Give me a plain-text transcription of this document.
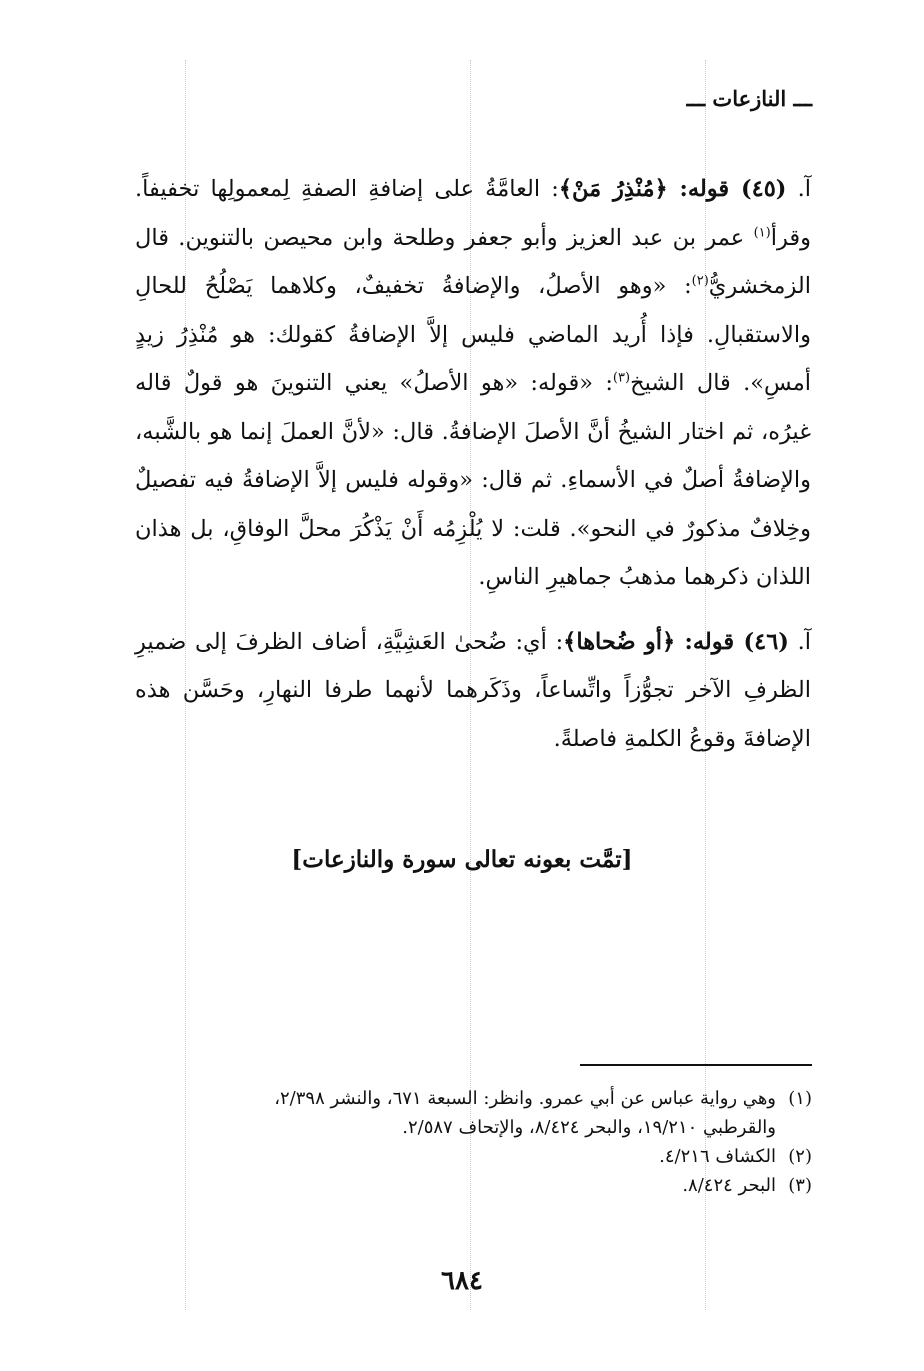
ـــ النازعات ـــ

آ. (٤٥) قوله: ﴿مُنْذِرُ مَنْ﴾: العامَّةُ على إضافةِ الصفةِ لِمعمولِها تخفيفاً. وقرأ$^{(١)}$ عمر بن عبد العزيز وأبو جعفر وطلحة وابن محيصن بالتنوين. قال الزمخشريُّ$^{(٢)}$: «وهو الأصلُ، والإضافةُ تخفيفٌ، وكلاهما يَصْلُحُ للحالِ والاستقبالِ. فإذا أُريد الماضي فليس إلاَّ الإضافةُ كقولك: هو مُنْذِرُ زيدٍ أمسِ». قال الشيخ$^{(٣)}$: «قوله: «هو الأصلُ» يعني التنوينَ هو قولٌ قاله غيرُه، ثم اختار الشيخُ أنَّ الأصلَ الإضافةُ. قال: «لأنَّ العملَ إنما هو بالشَّبه، والإضافةُ أصلٌ في الأسماءِ. ثم قال: «وقوله فليس إلاَّ الإضافةُ فيه تفصيلٌ وخِلافٌ مذكورٌ في النحو». قلت: لا يُلْزِمُه أَنْ يَذْكُرَ محلَّ الوفاقِ، بل هذان اللذان ذكرهما مذهبُ جماهيرِ الناسِ.

آ. (٤٦) قوله: ﴿أو ضُحاها﴾: أي: ضُحىٰ العَشِيَّةِ، أضاف الظرفَ إلى ضميرِ الظرفِ الآخر تجوُّزاً واتِّساعاً، وذَكَرهما لأنهما طرفا النهارِ، وحَسَّن هذه الإضافةَ وقوعُ الكلمةِ فاصلةً.

[تمَّت بعونه تعالى سورة والنازعات]

(١)وهي رواية عباس عن أبي عمرو. وانظر: السبعة ٦٧١، والنشر ٢/٣٩٨،

والقرطبي ١٩/٢١٠، والبحر ٨/٤٢٤، والإتحاف ٢/٥٨٧.

(٢)الكشاف ٤/٢١٦.

(٣)البحر ٨/٤٢٤.

٦٨٤
